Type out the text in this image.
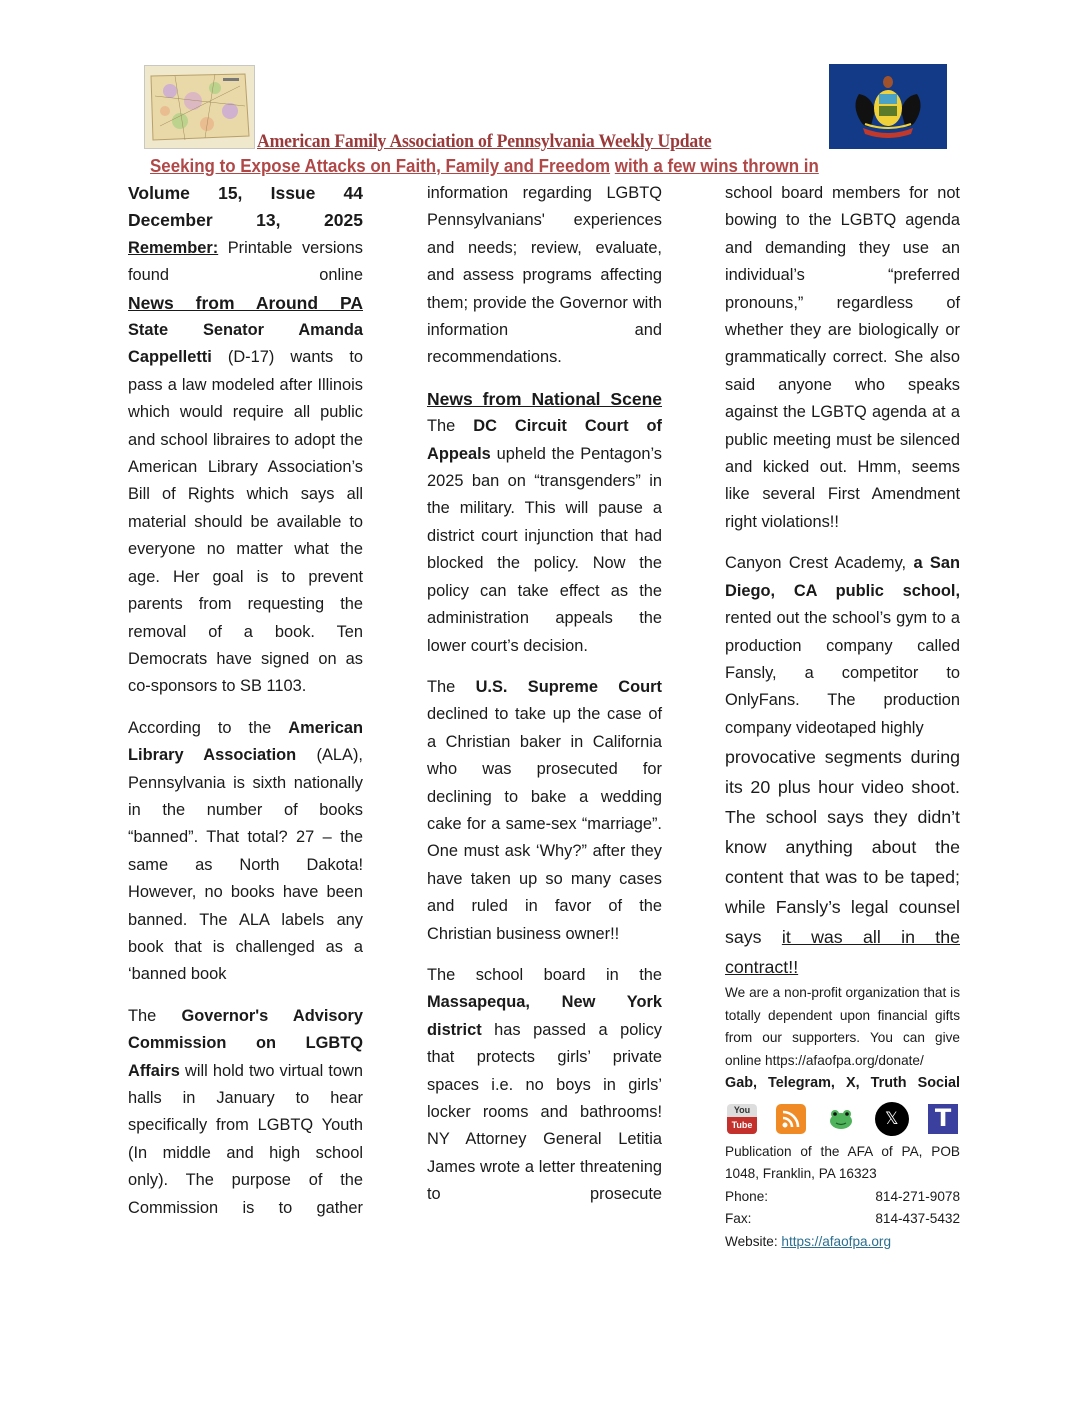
American Family Association of Pennsylvania Weekly Update
Seeking to Expose Attacks on Faith, Family and Freedom with a few wins thrown in
Volume 15, Issue 44
December 13, 2025

Remember: Printable versions found online

News from Around PA

State Senator Amanda Cappelletti (D-17) wants to pass a law modeled after Illinois which would require all public and school libraires to adopt the American Library Association’s Bill of Rights which says all material should be available to everyone no matter what the age. Her goal is to prevent parents from requesting the removal of a book. Ten Democrats have signed on as co-sponsors to SB 1103.

According to the American Library Association (ALA), Pennsylvania is sixth nationally in the number of books “banned”. That total? 27 – the same as North Dakota! However, no books have been banned. The ALA labels any book that is challenged as a ‘banned book

The Governor's Advisory Commission on LGBTQ Affairs will hold two virtual town halls in January to hear specifically from LGBTQ Youth (In middle and high school only). The purpose of the Commission is to gather

information regarding LGBTQ Pennsylvanians' experiences and needs; review, evaluate, and assess programs affecting them; provide the Governor with information and recommendations.

News from National Scene

The DC Circuit Court of Appeals upheld the Pentagon’s 2025 ban on “transgenders” in the military. This will pause a district court injunction that had blocked the policy. Now the policy can take effect as the administration appeals the lower court’s decision.

The U.S. Supreme Court declined to take up the case of a Christian baker in California who was prosecuted for declining to bake a wedding cake for a same-sex “marriage”. One must ask ‘Why?” after they have taken up so many cases and ruled in favor of the Christian business owner!!

The school board in the Massapequa, New York district has passed a policy that protects girls’ private spaces i.e. no boys in girls’ locker rooms and bathrooms! NY Attorney General Letitia James wrote a letter threatening to prosecute

school board members for not bowing to the LGBTQ agenda and demanding they use an individual’s “preferred pronouns,” regardless of whether they are biologically or grammatically correct. She also said anyone who speaks against the LGBTQ agenda at a public meeting must be silenced and kicked out. Hmm, seems like several First Amendment right violations!!

Canyon Crest Academy, a San Diego, CA public school, rented out the school’s gym to a production company called Fansly, a competitor to OnlyFans. The production company videotaped highly

provocative segments during its 20 plus hour video shoot. The school says they didn’t know anything about the content that was to be taped; while Fansly’s legal counsel says it was all in the contract!!

We are a non-profit organization that is totally dependent upon financial gifts from our supporters. You can give online https://afaofpa.org/donate/

Gab, Telegram, X, Truth Social
You
Tube	𝕏	T

Publication of the AFA of PA, POB 1048, Franklin, PA 16323

Phone:	814-271-9078
Fax:	814-437-5432
Website: https://afaofpa.org
